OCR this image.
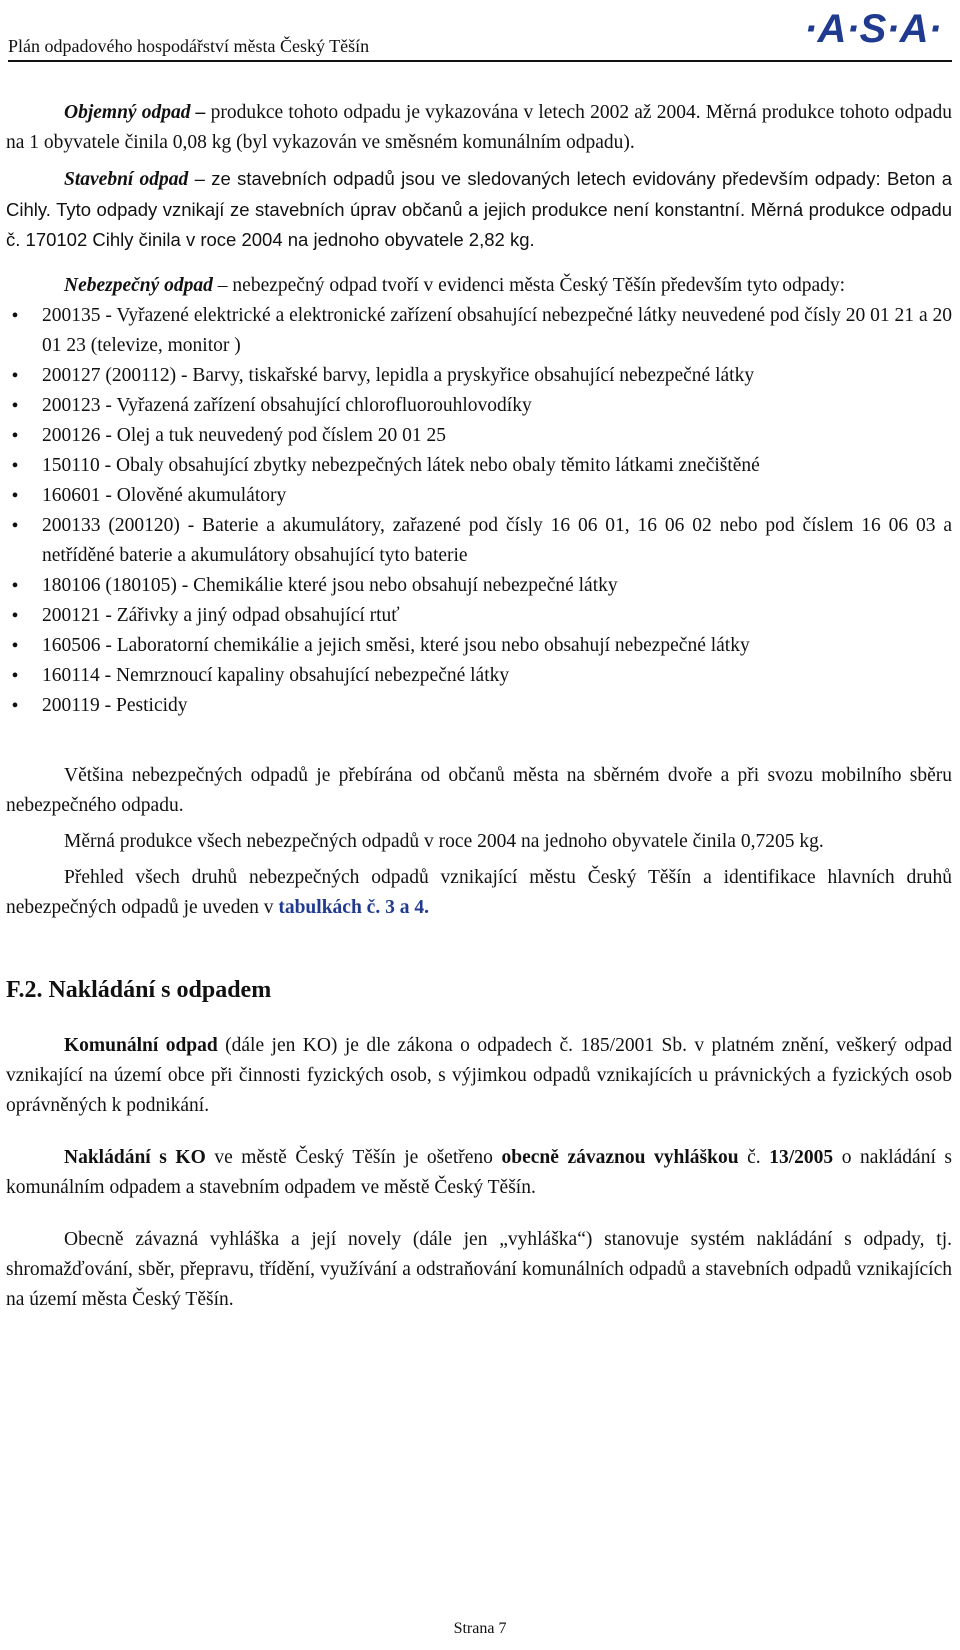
Plán odpadového hospodářství města Český Těšín	·A·S·A·

Objemný odpad – produkce tohoto odpadu je vykazována v letech 2002 až 2004. Měrná produkce tohoto odpadu na 1 obyvatele činila 0,08 kg (byl vykazován ve směsném komunálním odpadu).

Stavební odpad – ze stavebních odpadů jsou ve sledovaných letech evidovány především odpady: Beton a Cihly. Tyto odpady vznikají ze stavebních úprav občanů a jejich produkce není konstantní. Měrná produkce odpadu č. 170102 Cihly činila v roce 2004 na jednoho obyvatele 2,82 kg.

Nebezpečný odpad – nebezpečný odpad tvoří v evidenci města Český Těšín především tyto odpady:

• 200135 - Vyřazené elektrické a elektronické zařízení obsahující nebezpečné látky neuvedené pod čísly 20 01 21 a 20 01 23 (televize, monitor )
• 200127 (200112) - Barvy, tiskařské barvy, lepidla a pryskyřice obsahující nebezpečné látky
• 200123 - Vyřazená zařízení obsahující chlorofluorouhlovodíky
• 200126 - Olej a tuk neuvedený pod číslem 20 01 25
• 150110 - Obaly obsahující zbytky nebezpečných látek nebo obaly těmito látkami znečištěné
• 160601 - Olověné akumulátory
• 200133 (200120) - Baterie a akumulátory, zařazené pod čísly 16 06 01, 16 06 02 nebo pod číslem 16 06 03 a netříděné baterie a akumulátory obsahující tyto baterie
• 180106 (180105) - Chemikálie které jsou nebo obsahují nebezpečné látky
• 200121 - Zářivky a jiný odpad obsahující rtuť
• 160506 - Laboratorní chemikálie a jejich směsi, které jsou nebo obsahují nebezpečné látky
• 160114 - Nemrznoucí kapaliny obsahující nebezpečné látky
• 200119 - Pesticidy

Většina nebezpečných odpadů je přebírána od občanů města na sběrném dvoře a při svozu mobilního sběru nebezpečného odpadu.

Měrná produkce všech nebezpečných odpadů v roce 2004 na jednoho obyvatele činila 0,7205 kg.

Přehled všech druhů nebezpečných odpadů vznikající městu Český Těšín a identifikace hlavních druhů nebezpečných odpadů je uveden v tabulkách č. 3 a 4.

F.2. Nakládání s odpadem

Komunální odpad (dále jen KO) je dle zákona o odpadech č. 185/2001 Sb. v platném znění, veškerý odpad vznikající na území obce při činnosti fyzických osob, s výjimkou odpadů vznikajících u právnických a fyzických osob oprávněných k podnikání.

Nakládání s KO ve městě Český Těšín je ošetřeno obecně závaznou vyhláškou č. 13/2005 o nakládání s komunálním odpadem a stavebním odpadem ve městě Český Těšín.

Obecně závazná vyhláška a její novely (dále jen „vyhláška“) stanovuje systém nakládání s odpady, tj. shromažďování, sběr, přepravu, třídění, využívání a odstraňování komunálních odpadů a stavebních odpadů vznikajících na území města Český Těšín.

Strana 7
